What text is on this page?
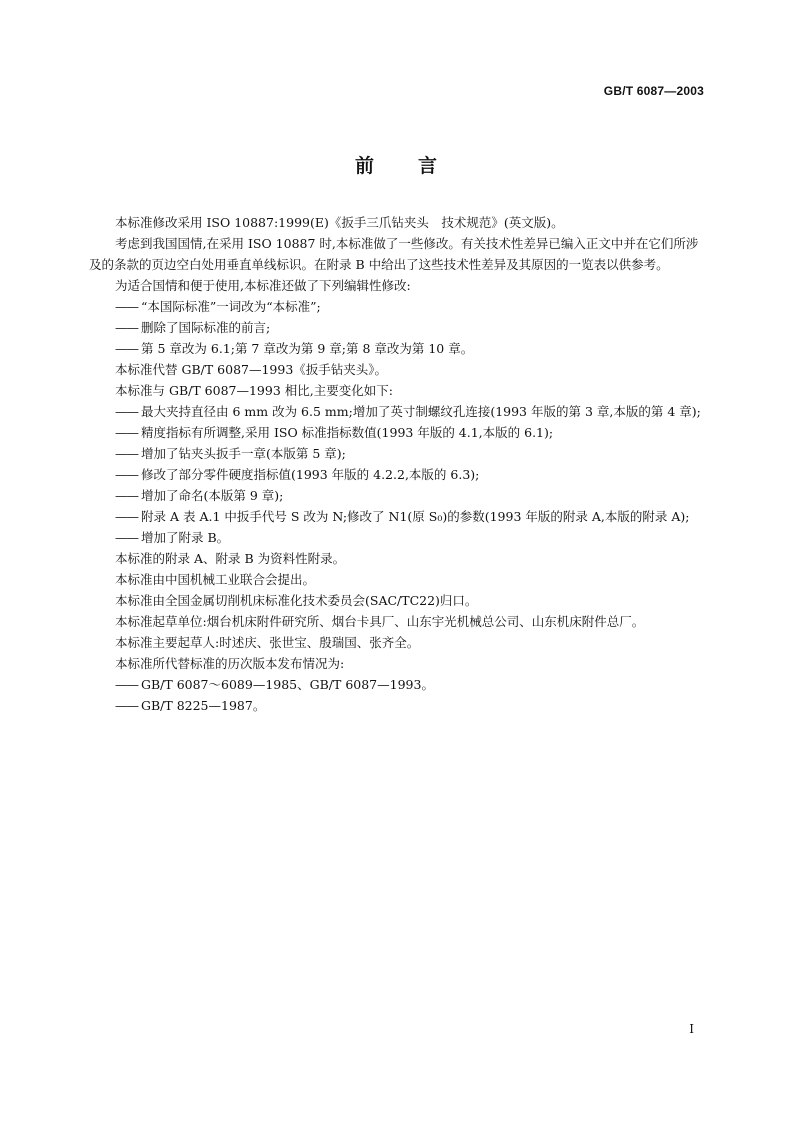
GB/T 6087—2003
前 言

本标准修改采用 ISO 10887:1999(E)《扳手三爪钻夹头　技术规范》(英文版)。

考虑到我国国情,在采用 ISO 10887 时,本标准做了一些修改。有关技术性差异已编入正文中并在它们所涉及的条款的页边空白处用垂直单线标识。在附录 B 中给出了这些技术性差异及其原因的一览表以供参考。

为适合国情和便于使用,本标准还做了下列编辑性修改:

—— “本国际标准”一词改为“本标准”;
—— 删除了国际标准的前言;
—— 第 5 章改为 6.1;第 7 章改为第 9 章;第 8 章改为第 10 章。

本标准代替 GB/T 6087—1993《扳手钻夹头》。

本标准与 GB/T 6087—1993 相比,主要变化如下:

—— 最大夹持直径由 6 mm 改为 6.5 mm;增加了英寸制螺纹孔连接(1993 年版的第 3 章,本版的第 4 章);
—— 精度指标有所调整,采用 ISO 标准指标数值(1993 年版的 4.1,本版的 6.1);
—— 增加了钻夹头扳手一章(本版第 5 章);
—— 修改了部分零件硬度指标值(1993 年版的 4.2.2,本版的 6.3);
—— 增加了命名(本版第 9 章);
—— 附录 A 表 A.1 中扳手代号 S 改为 N;修改了 N1(原 S₀)的参数(1993 年版的附录 A,本版的附录 A);
—— 增加了附录 B。

本标准的附录 A、附录 B 为资料性附录。

本标准由中国机械工业联合会提出。

本标准由全国金属切削机床标准化技术委员会(SAC/TC22)归口。

本标准起草单位:烟台机床附件研究所、烟台卡具厂、山东宇光机械总公司、山东机床附件总厂。

本标准主要起草人:时述庆、张世宝、殷瑞国、张齐全。

本标准所代替标准的历次版本发布情况为:

—— GB/T 6087～6089—1985、GB/T 6087—1993。
—— GB/T 8225—1987。
I
